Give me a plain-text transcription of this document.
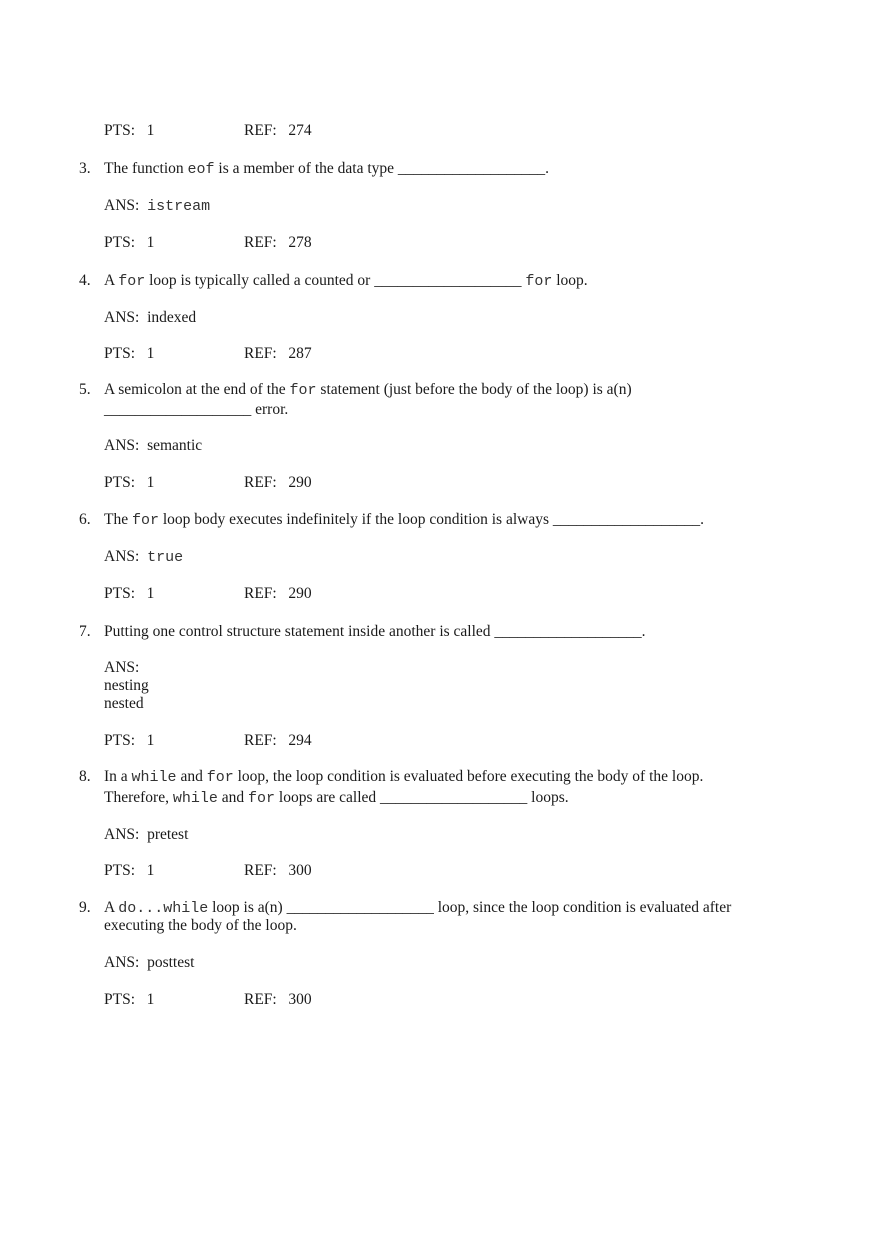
PTS: 1	REF: 274
3. The function eof is a member of the data type ___________________.
ANS: istream
PTS: 1	REF: 278
4. A for loop is typically called a counted or ___________________ for loop.
ANS: indexed
PTS: 1	REF: 287
5. A semicolon at the end of the for statement (just before the body of the loop) is a(n)
___________________ error.
ANS: semantic
PTS: 1	REF: 290
6. The for loop body executes indefinitely if the loop condition is always ___________________.
ANS: true
PTS: 1	REF: 290
7. Putting one control structure statement inside another is called ___________________.
ANS:
nesting
nested
PTS: 1	REF: 294
8. In a while and for loop, the loop condition is evaluated before executing the body of the loop.
Therefore, while and for loops are called ___________________ loops.
ANS: pretest
PTS: 1	REF: 300
9. A do...while loop is a(n) ___________________ loop, since the loop condition is evaluated after
executing the body of the loop.
ANS: posttest
PTS: 1	REF: 300
